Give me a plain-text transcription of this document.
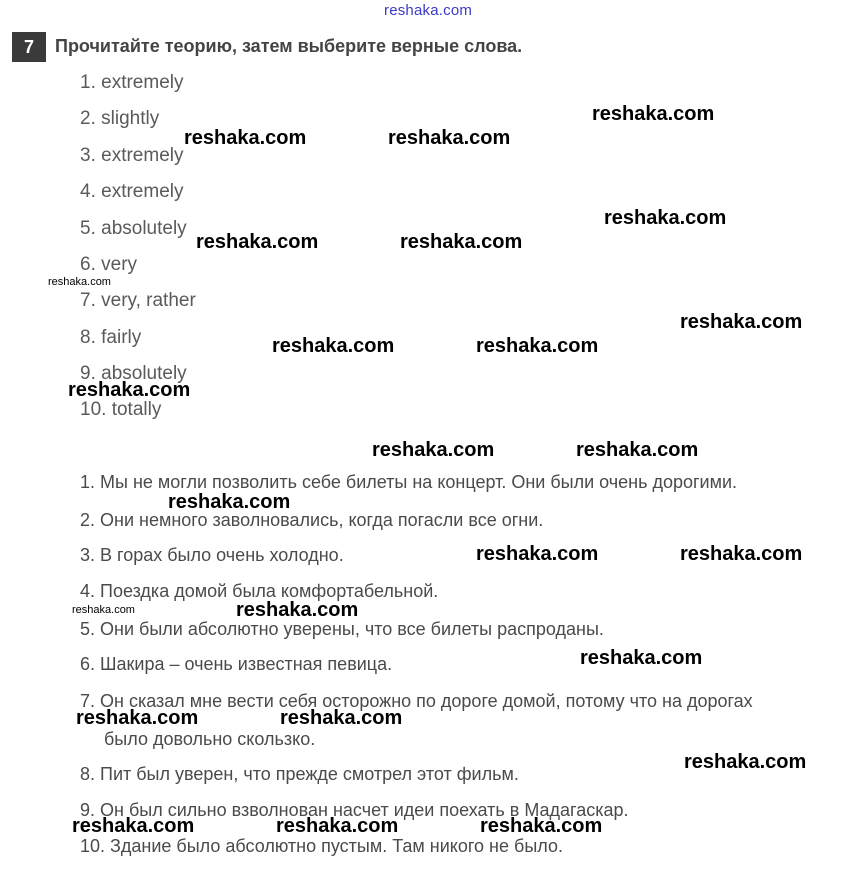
reshaka.com
7	Прочитайте теорию, затем выберите верные слова.
1. extremely
2. slightly
3. extremely
4. extremely
5. absolutely
6. very
7. very, rather
8. fairly
9. absolutely
10. totally
1. Мы не могли позволить себе билеты на концерт. Они были очень дорогими.
2. Они немного заволновались, когда погасли все огни.
3. В горах было очень холодно.
4. Поездка домой была комфортабельной.
5. Они были абсолютно уверены, что все билеты распроданы.
6. Шакира – очень известная певица.
7. Он сказал мне вести себя осторожно по дороге домой, потому что на дорогах
было довольно скользко.
8. Пит был уверен, что прежде смотрел этот фильм.
9. Он был сильно взволнован насчет идеи поехать в Мадагаскар.
10. Здание было абсолютно пустым. Там никого не было.
reshaka.com
reshaka.com	reshaka.com
reshaka.com
reshaka.com	reshaka.com
reshaka.com
reshaka.com
reshaka.com	reshaka.com
reshaka.com
reshaka.com	reshaka.com
reshaka.com
reshaka.com	reshaka.com
reshaka.com	reshaka.com
reshaka.com
reshaka.com	reshaka.com
reshaka.com
reshaka.com	reshaka.com	reshaka.com
